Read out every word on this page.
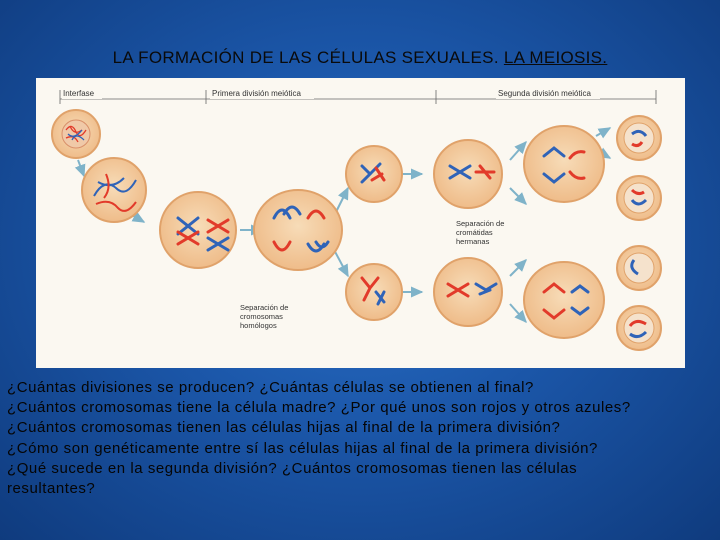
LA FORMACIÓN DE LAS CÉLULAS SEXUALES. LA MEIOSIS.
Interfase	Primera división meiótica	Segunda división meiótica
Separación de
cromátidas
hermanas
Separación de
cromosomas
homólogos
¿Cuántas divisiones se producen? ¿Cuántas células se obtienen al final?
¿Cuántos cromosomas tiene la célula madre? ¿Por qué unos son rojos y otros azules?
¿Cuántos cromosomas tienen las células hijas al final de la primera división?
¿Cómo son genéticamente entre sí las células hijas al final de la primera división?
¿Qué sucede en la segunda división? ¿Cuántos cromosomas tienen las células
resultantes?
